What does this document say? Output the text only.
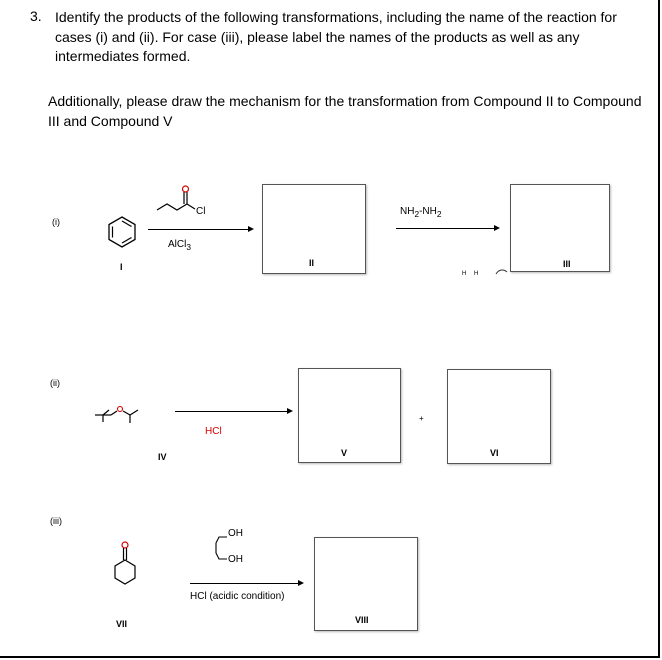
3. Identify the products of the following transformations, including the name of the reaction for cases (i) and (ii). For case (iii), please label the names of the products as well as any intermediates formed.
Additionally, please draw the mechanism for the transformation from Compound II to Compound III and Compound V
(i)
I
Cl
AlCl$_3$
II
$NH_2-NH_2$
III
H H
(ii)
IV
HCl
V
+
VI
(iii)
VII
OH
OH
HCl (acidic condition)
VIII
